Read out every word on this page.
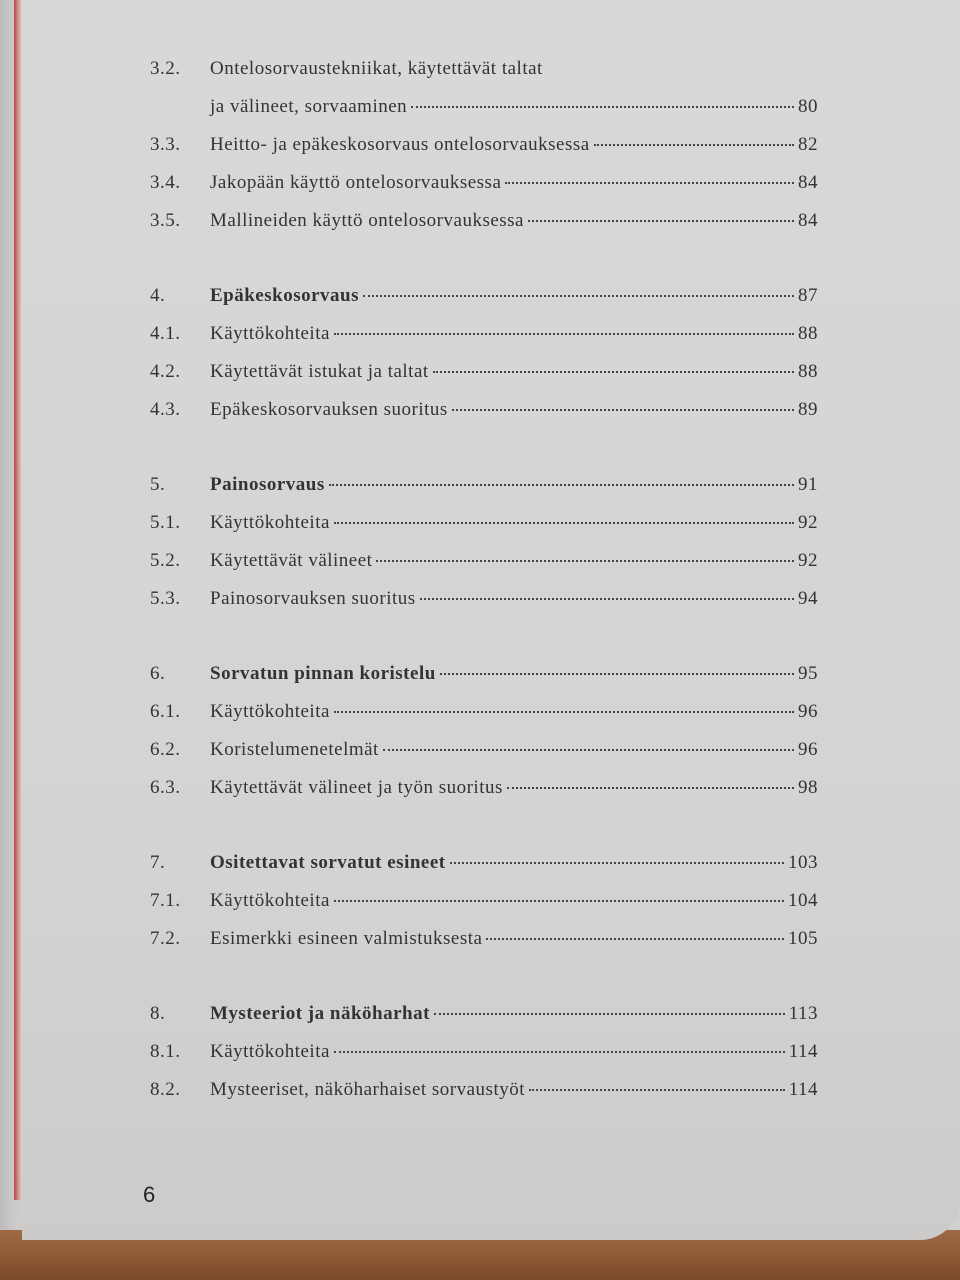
3.2.	Ontelosorvaustekniikat, käytettävät taltat
ja välineet, sorvaaminen	80
3.3.	Heitto- ja epäkeskosorvaus ontelosorvauksessa	82
3.4.	Jakopään käyttö ontelosorvauksessa	84
3.5.	Mallineiden käyttö ontelosorvauksessa	84
4.	Epäkeskosorvaus	87
4.1.	Käyttökohteita	88
4.2.	Käytettävät istukat ja taltat	88
4.3.	Epäkeskosorvauksen suoritus	89
5.	Painosorvaus	91
5.1.	Käyttökohteita	92
5.2.	Käytettävät välineet	92
5.3.	Painosorvauksen suoritus	94
6.	Sorvatun pinnan koristelu	95
6.1.	Käyttökohteita	96
6.2.	Koristelumenetelmät	96
6.3.	Käytettävät välineet ja työn suoritus	98
7.	Ositettavat sorvatut esineet	103
7.1.	Käyttökohteita	104
7.2.	Esimerkki esineen valmistuksesta	105
8.	Mysteeriot ja näköharhat	113
8.1.	Käyttökohteita	114
8.2.	Mysteeriset, näköharhaiset sorvaustyöt	114
6
